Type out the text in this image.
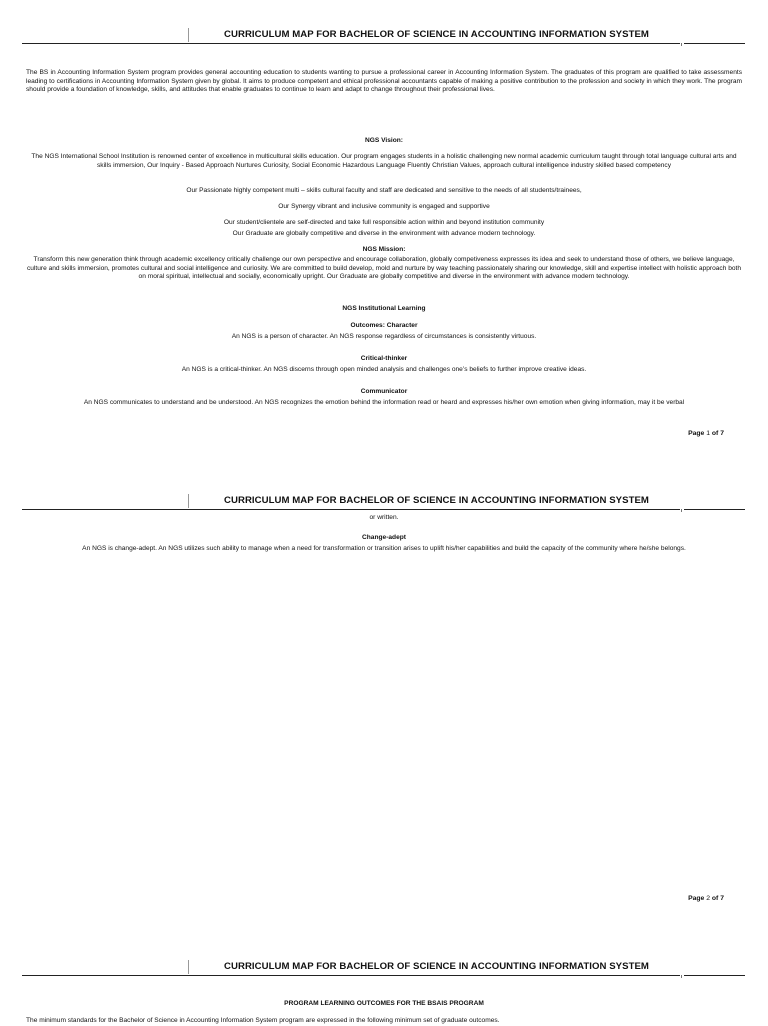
CURRICULUM MAP FOR BACHELOR OF SCIENCE IN ACCOUNTING INFORMATION SYSTEM

The BS in Accounting Information System program provides general accounting education to students wanting to pursue a professional career in Accounting Information System. The graduates of this program are qualified to take assessments leading to certifications in Accounting Information System given by global. It aims to produce competent and ethical professional accountants capable of making a positive contribution to the profession and society in which they work. The program should provide a foundation of knowledge, skills, and attitudes that enable graduates to continue to learn and adapt to change throughout their professional lives.

NGS Vision:

The NGS International School Institution is renowned center of excellence in multicultural skills education. Our program engages students in a holistic challenging new normal academic curriculum taught through total language cultural arts and skills immersion, Our Inquiry - Based Approach Nurtures Curiosity, Social Economic Hazardous Language Fluently Christian Values, approach cultural intelligence industry skilled based competency

Our Passionate highly competent multi – skills cultural faculty and staff are dedicated and sensitive to the needs of all students/trainees,

Our Synergy vibrant and inclusive community is engaged and supportive

Our student/clientele are self-directed and take full responsible action within and beyond institution community

Our Graduate are globally competitive and diverse in the environment with advance modern technology.

NGS Mission:

Transform this new generation think through academic excellency critically challenge our own perspective and encourage collaboration, globally competiveness expresses its idea and seek to understand those of others, we believe language, culture and skills immersion, promotes cultural and social intelligence and curiosity. We are committed to build develop, mold and nurture by way teaching passionately sharing our knowledge, skill and expertise intellect with holistic approach both on moral spiritual, intellectual and socially, economically upright. Our Graduate are globally competitive and diverse in the environment with advance modern technology.

NGS Institutional Learning

Outcomes: Character

An NGS is a person of character. An NGS response regardless of circumstances is consistently virtuous.

Critical-thinker

An NGS is a critical-thinker. An NGS discerns through open minded analysis and challenges one’s beliefs to further improve creative ideas.

Communicator

An NGS communicates to understand and be understood. An NGS recognizes the emotion behind the information read or heard and expresses his/her own emotion when giving information, may it be verbal

Page 1 of 7
CURRICULUM MAP FOR BACHELOR OF SCIENCE IN ACCOUNTING INFORMATION SYSTEM

or written.

Change-adept

An NGS is change-adept. An NGS utilizes such ability to manage when a need for transformation or transition arises to uplift his/her capabilities and build the capacity of the community where he/she belongs.

Page 2 of 7
CURRICULUM MAP FOR BACHELOR OF SCIENCE IN ACCOUNTING INFORMATION SYSTEM

PROGRAM LEARNING OUTCOMES FOR THE BSAIS PROGRAM

The minimum standards for the Bachelor of Science in Accounting Information System program are expressed in the following minimum set of graduate outcomes.
